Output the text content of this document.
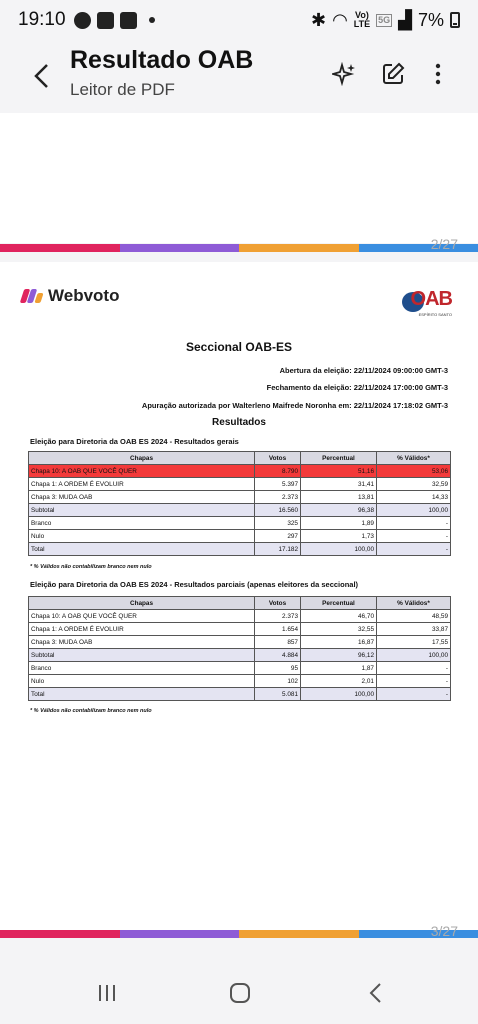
19:10	✱ ◠ Vo)
LTE 5G ▟ 7%
Resultado OAB
Leitor de PDF
2/27
Webvoto	OAB
ESPÍRITO SANTO
Seccional OAB-ES
Abertura da eleição: 22/11/2024 09:00:00 GMT-3
Fechamento da eleição: 22/11/2024 17:00:00 GMT-3
Apuração autorizada por Walterleno Maifrede Noronha em: 22/11/2024 17:18:02 GMT-3
Resultados
Eleição para Diretoria da OAB ES 2024 - Resultados gerais
Chapas	Votos	Percentual	% Válidos*
Chapa 10: A OAB QUE VOCÊ QUER	8.790	51,16	53,06
Chapa 1: A ORDEM É EVOLUIR	5.397	31,41	32,59
Chapa 3: MUDA OAB	2.373	13,81	14,33
Subtotal	16.560	96,38	100,00
Branco	325	1,89	-
Nulo	297	1,73	-
Total	17.182	100,00	-
* % Válidos não contabilizam branco nem nulo
Eleição para Diretoria da OAB ES 2024 - Resultados parciais (apenas eleitores da seccional)
Chapas	Votos	Percentual	% Válidos*
Chapa 10: A OAB QUE VOCÊ QUER	2.373	46,70	48,59
Chapa 1: A ORDEM É EVOLUIR	1.654	32,55	33,87
Chapa 3: MUDA OAB	857	16,87	17,55
Subtotal	4.884	96,12	100,00
Branco	95	1,87	-
Nulo	102	2,01	-
Total	5.081	100,00	-
* % Válidos não contabilizam branco nem nulo
3/27
